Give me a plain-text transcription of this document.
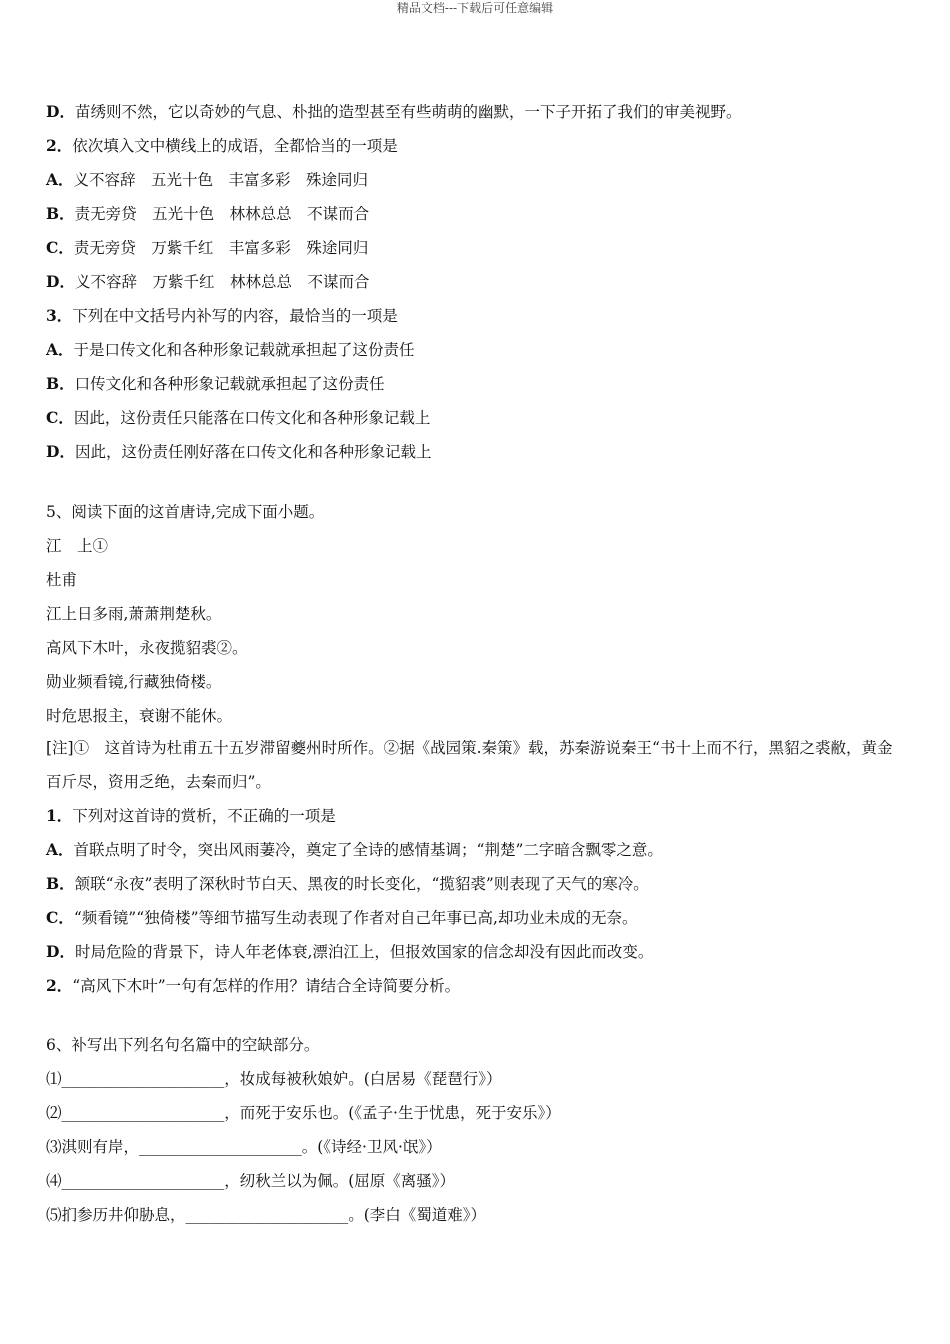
精品文档---下载后可任意编辑
D．苗绣则不然，它以奇妙的气息、朴拙的造型甚至有些萌萌的幽默，一下子开拓了我们的审美视野。
2．依次填入文中横线上的成语，全都恰当的一项是
A．义不容辞　五光十色　丰富多彩　殊途同归
B．责无旁贷　五光十色　林林总总　不谋而合
C．责无旁贷　万紫千红　丰富多彩　殊途同归
D．义不容辞　万紫千红　林林总总　不谋而合
3．下列在中文括号内补写的内容，最恰当的一项是
A．于是口传文化和各种形象记载就承担起了这份责任
B．口传文化和各种形象记载就承担起了这份责任
C．因此，这份责任只能落在口传文化和各种形象记载上
D．因此，这份责任刚好落在口传文化和各种形象记载上
5、阅读下面的这首唐诗,完成下面小题。
江　上①
杜甫
江上日多雨,萧萧荆楚秋。
高风下木叶，永夜揽貂裘②。
勋业频看镜,行藏独倚楼。
时危思报主，衰谢不能休。
[注]①　这首诗为杜甫五十五岁滞留夔州时所作。②据《战园策.秦策》载，苏秦游说秦王“书十上而不行，黑貂之裘敝，黄金百斤尽，资用乏绝，去秦而归”。
1．下列对这首诗的赏析，不正确的一项是
A．首联点明了时令，突出风雨萋冷，奠定了全诗的感情基调；“荆楚”二字暗含飘零之意。
B．颔联“永夜”表明了深秋时节白天、黑夜的时长变化，“揽貂裘”则表现了天气的寒冷。
C．“频看镜”“独倚楼”等细节描写生动表现了作者对自己年事已高,却功业未成的无奈。
D．时局危险的背景下，诗人年老体衰,漂泊江上，但报效国家的信念却没有因此而改变。
2．“高风下木叶”一句有怎样的作用？请结合全诗简要分析。
6、补写出下列名句名篇中的空缺部分。
⑴_____________________，妆成每被秋娘妒。(白居易《琵琶行》）
⑵_____________________，而死于安乐也。(《孟子·生于忧患，死于安乐》）
⑶淇则有岸，_____________________。(《诗经·卫风·氓》）
⑷_____________________，纫秋兰以为佩。(屈原《离骚》）
⑸扪参历井仰胁息，_____________________。(李白《蜀道难》）
